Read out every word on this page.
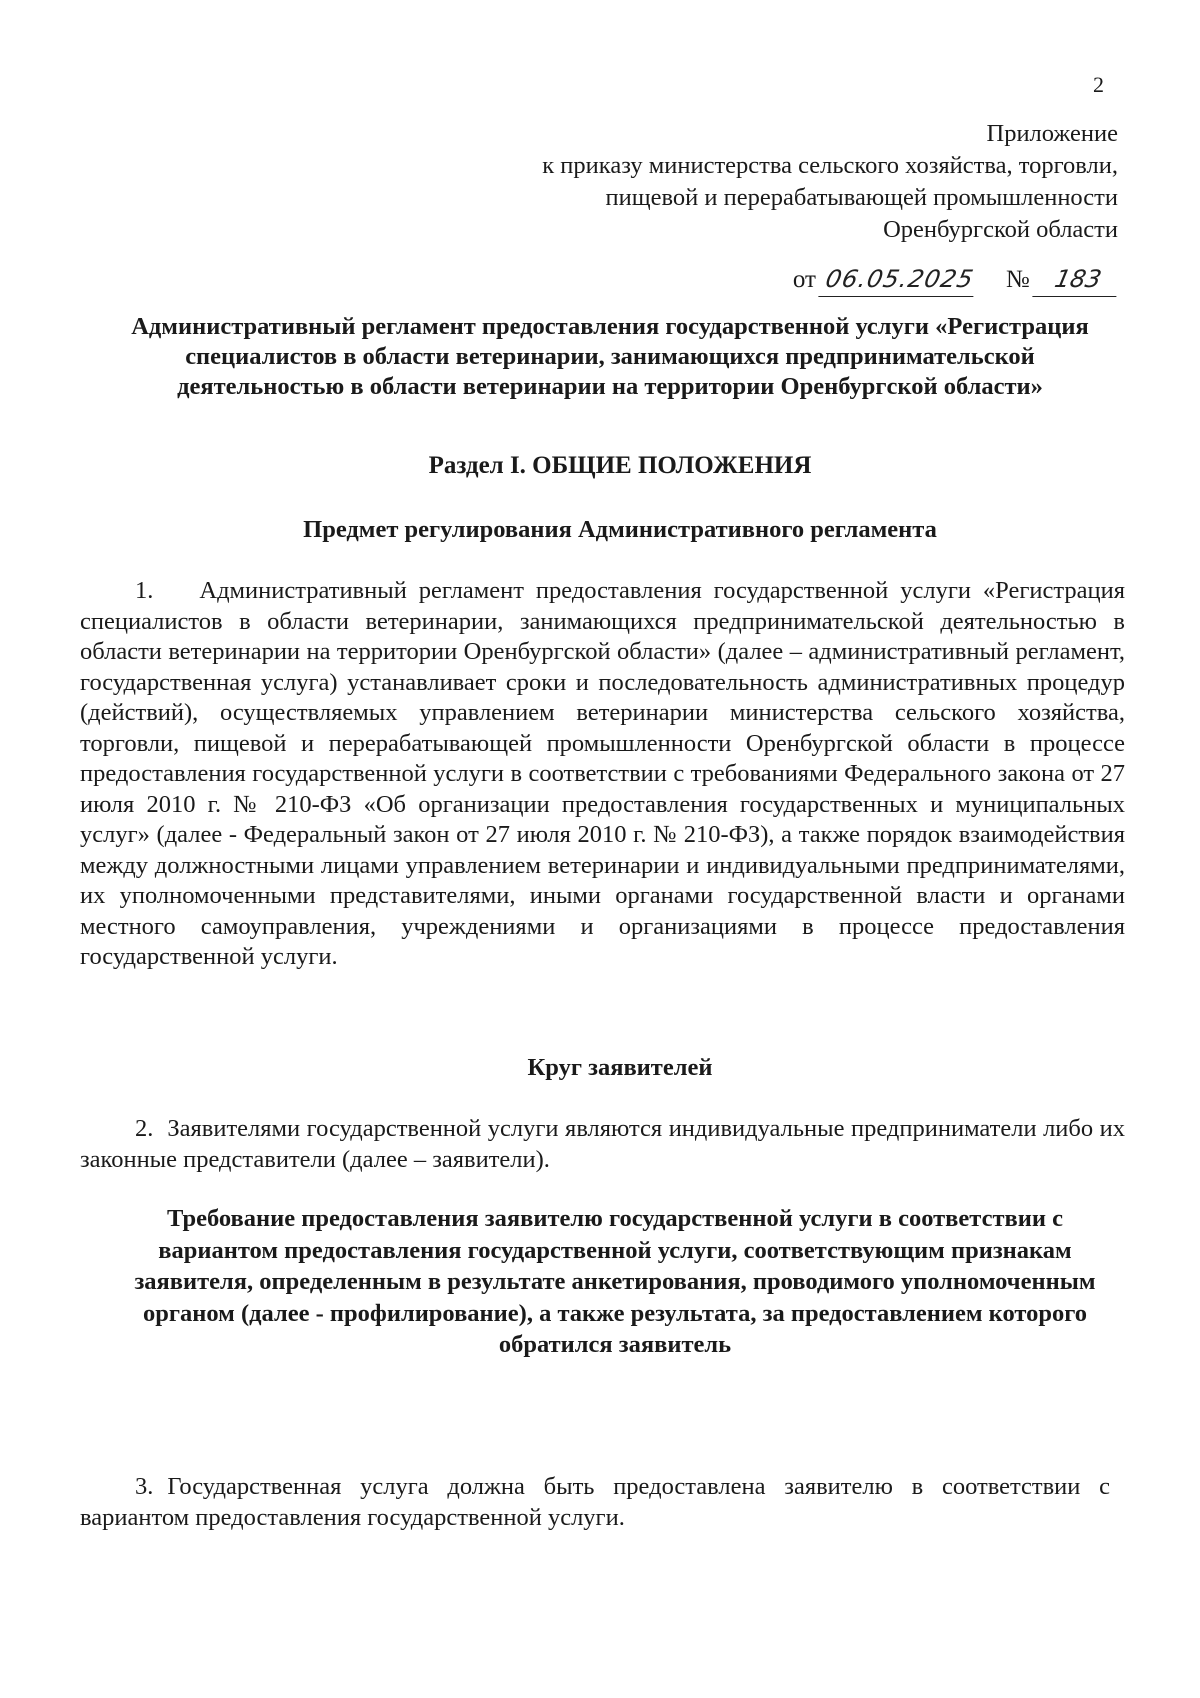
2
Приложение
к приказу министерства сельского хозяйства, торговли,
пищевой и перерабатывающей промышленности
Оренбургской области
от 06.05.2025 № 183
Административный регламент предоставления государственной услуги «Регистрация специалистов в области ветеринарии, занимающихся предпринимательской деятельностью в области ветеринарии на территории Оренбургской области»
Раздел I. ОБЩИЕ ПОЛОЖЕНИЯ
Предмет регулирования Административного регламента

1. Административный регламент предоставления государственной услуги «Регистрация специалистов в области ветеринарии, занимающихся предпринимательской деятельностью в области ветеринарии на территории Оренбургской области» (далее – административный регламент, государственная услуга) устанавливает сроки и последовательность административных процедур (действий), осуществляемых управлением ветеринарии министерства сельского хозяйства, торговли, пищевой и перерабатывающей промышленности Оренбургской области в процессе предоставления государственной услуги в соответствии с требованиями Федерального закона от 27 июля 2010 г. № 210-ФЗ «Об организации предоставления государственных и муниципальных услуг» (далее - Федеральный закон от 27 июля 2010 г. № 210-ФЗ), а также порядок взаимодействия между должностными лицами управлением ветеринарии и индивидуальными предпринимателями, их уполномоченными представителями, иными органами государственной власти и органами местного самоуправления, учреждениями и организациями в процессе предоставления государственной услуги.

Круг заявителей

2. Заявителями государственной услуги являются индивидуальные предприниматели либо их законные представители (далее – заявители).

Требование предоставления заявителю государственной услуги в соответствии с вариантом предоставления государственной услуги, соответствующим признакам заявителя, определенным в результате анкетирования, проводимого уполномоченным органом (далее - профилирование), а также результата, за предоставлением которого обратился заявитель

3. Государственная услуга должна быть предоставлена заявителю в соответствии с вариантом предоставления государственной услуги.
